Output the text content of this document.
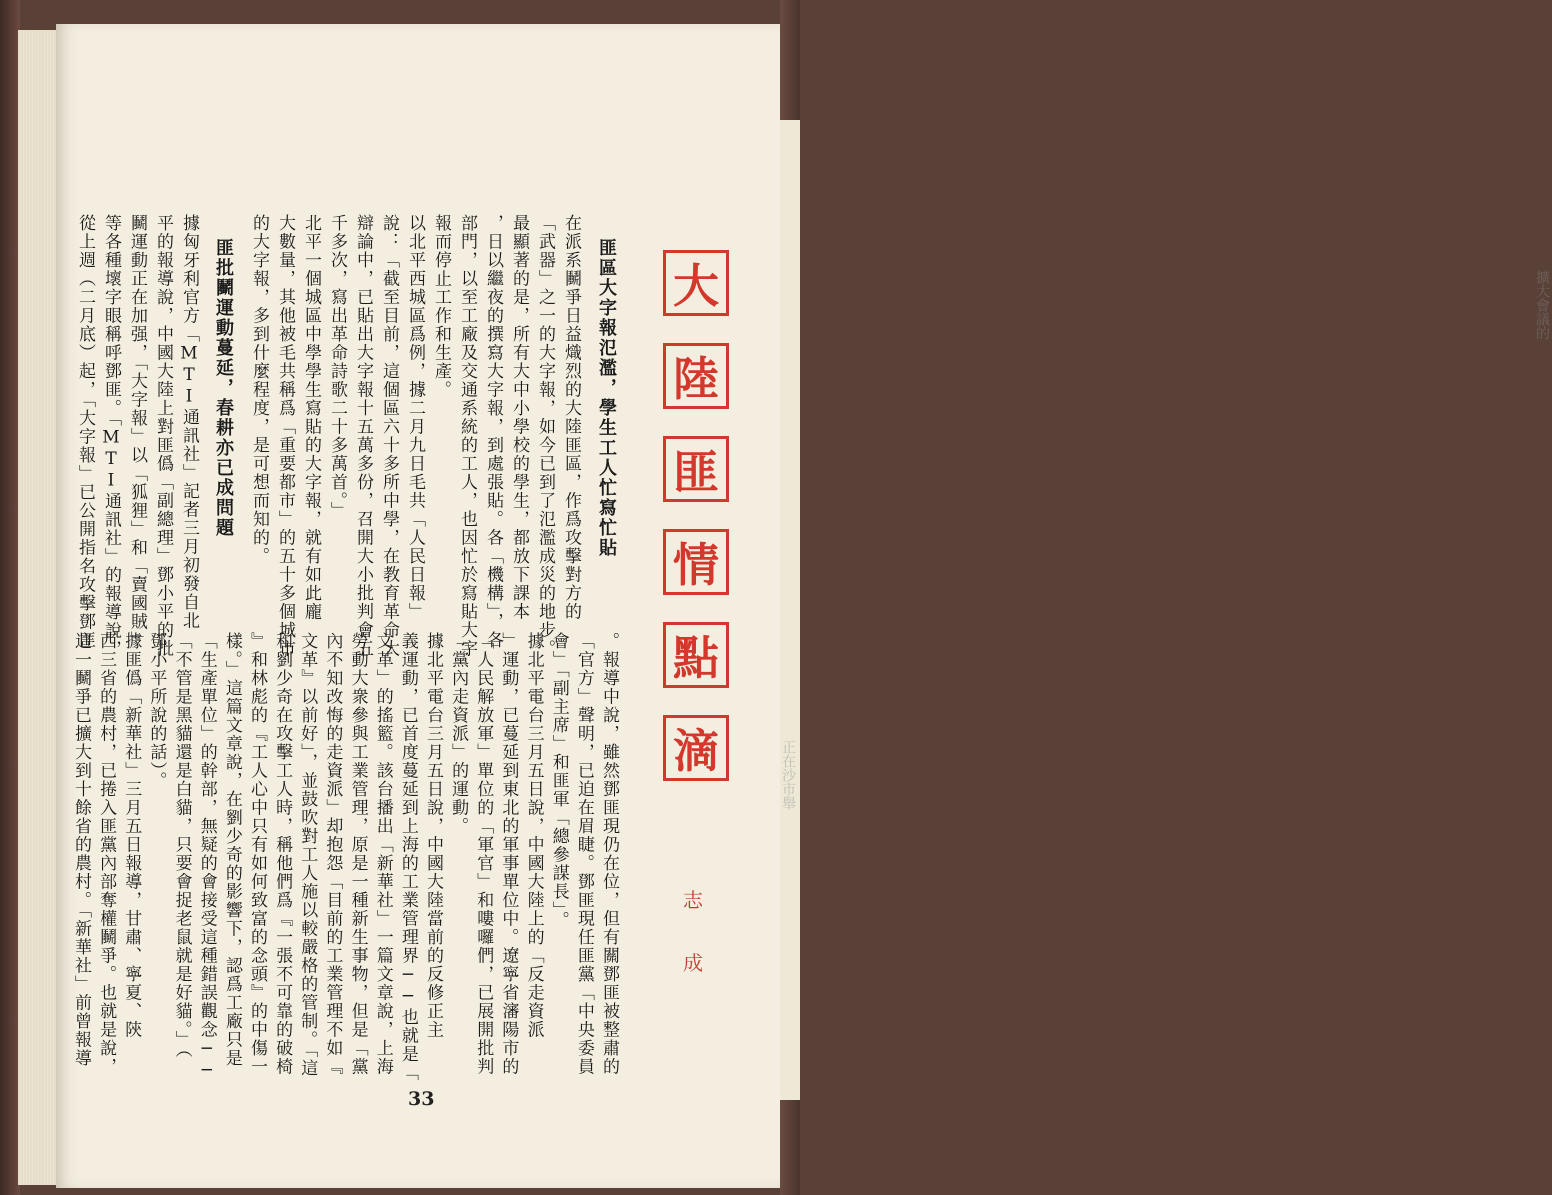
擴大會議的
正在沙市舉
大
陸
匪
情
點
滴
志
成
匪區大字報氾濫，學生工人忙寫忙貼
在派系鬭爭日益熾烈的大陸匪區，作爲攻擊對方的
「武器」之一的大字報，如今已到了氾濫成災的地步。
最顯著的是，所有大中小學校的學生，都放下課本
，日以繼夜的撰寫大字報，到處張貼。各「機構」，各
部門，以至工廠及交通系統的工人，也因忙於寫貼大字
報而停止工作和生產。
以北平西城區爲例，據二月九日毛共「人民日報」
說：「截至目前，這個區六十多所中學，在教育革命大
辯論中，已貼出大字報十五萬多份，召開大小批判會五
千多次，寫出革命詩歌二十多萬首。」
北平一個城區中學學生寫貼的大字報，就有如此龐
大數量，其他被毛共稱爲「重要都市」的五十多個城市
的大字報，多到什麼程度，是可想而知的。
匪批鬭運動蔓延，春耕亦已成問題
據匈牙利官方「MTI通訊社」記者三月初發自北
平的報導說，中國大陸上對匪僞「副總理」鄧小平的批
鬭運動正在加强，「大字報」以「狐狸」和「賣國賊」
等各種壞字眼稱呼鄧匪。「MTI通訊社」的報導說，
從上週（二月底）起，「大字報」已公開指名攻擊鄧匪
。報導中說，雖然鄧匪現仍在位，但有關鄧匪被整肅的
「官方」聲明，已迫在眉睫。鄧匪現任匪黨「中央委員
會」「副主席」和匪軍「總參謀長」。
據北平電台三月五日說，中國大陸上的「反走資派
」運動，已蔓延到東北的軍事單位中。遼寧省瀋陽市的
「人民解放軍」單位的「軍官」和嘍囉們，已展開批判
「黨內走資派」的運動。
據北平電台三月五日說，中國大陸當前的反修正主
義運動，已首度蔓延到上海的工業管理界──也就是「
文革」的搖籃。該台播出「新華社」一篇文章說，上海
勞動大衆參與工業管理，原是一種新生事物，但是「黨
內不知改悔的走資派」却抱怨「目前的工業管理不如『
文革』以前好」，並鼓吹對工人施以較嚴格的管制。「這
和劉少奇在攻擊工人時，稱他們爲『一張不可靠的破椅
』和林彪的『工人心中只有如何致富的念頭』的中傷一
樣。」這篇文章說，在劉少奇的影響下，認爲工廠只是
「生產單位」的幹部，無疑的會接受這種錯誤觀念──
「不管是黑貓還是白貓，只要會捉老鼠就是好貓。」（
鄧小平所說的話）。
據匪僞「新華社」三月五日報導，甘肅、寧夏、陝
西三省的農村，已捲入匪黨內部奪權鬭爭。也就是說，
這一鬭爭已擴大到十餘省的農村。「新華社」前曾報導
33
